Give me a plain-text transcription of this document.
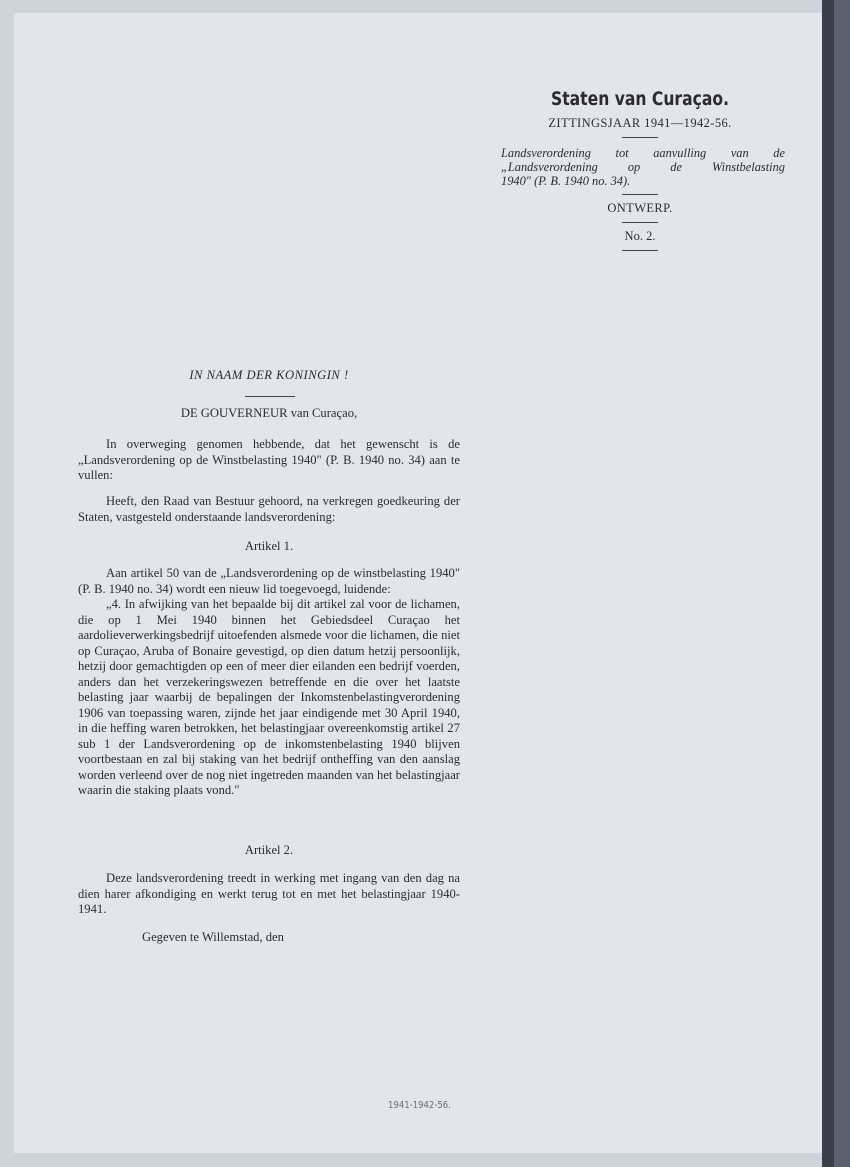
Staten van Curaçao.
ZITTINGSJAAR 1941—1942-56.
Landsverordening tot aanvulling van de
„Landsverordening op de Winstbelasting
1940" (P. B. 1940 no. 34).
ONTWERP.
No. 2.
IN NAAM DER KONINGIN !
DE GOUVERNEUR van Curaçao,

In overweging genomen hebbende, dat het gewenscht is de „Landsverordening op de Winstbelasting 1940" (P. B. 1940 no. 34) aan te vullen:

Heeft, den Raad van Bestuur gehoord, na verkregen goedkeuring der Staten, vastgesteld onderstaande landsverordening:

Artikel 1.

Aan artikel 50 van de „Landsverordening op de winstbelasting 1940" (P. B. 1940 no. 34) wordt een nieuw lid toegevoegd, luidende:

„4. In afwijking van het bepaalde bij dit artikel zal voor de lichamen, die op 1 Mei 1940 binnen het Gebiedsdeel Curaçao het aardolieverwerkingsbedrijf uitoefenden alsmede voor die lichamen, die niet op Curaçao, Aruba of Bonaire gevestigd, op dien datum hetzij persoonlijk, hetzij door gemachtigden op een of meer dier eilanden een bedrijf voerden, anders dan het verzekeringswezen betreffende en die over het laatste belasting jaar waarbij de bepalingen der Inkomstenbelastingverordening 1906 van toepassing waren, zijnde het jaar eindigende met 30 April 1940, in die heffing waren betrokken, het belastingjaar overeenkomstig artikel 27 sub 1 der Landsverordening op de inkomstenbelasting 1940 blijven voortbestaan en zal bij staking van het bedrijf ontheffing van den aanslag worden verleend over de nog niet ingetreden maanden van het belastingjaar waarin die staking plaats vond."

Artikel 2.

Deze landsverordening treedt in werking met ingang van den dag na dien harer afkondiging en werkt terug tot en met het belastingjaar 1940-1941.

Gegeven te Willemstad, den

1941-1942-56.
